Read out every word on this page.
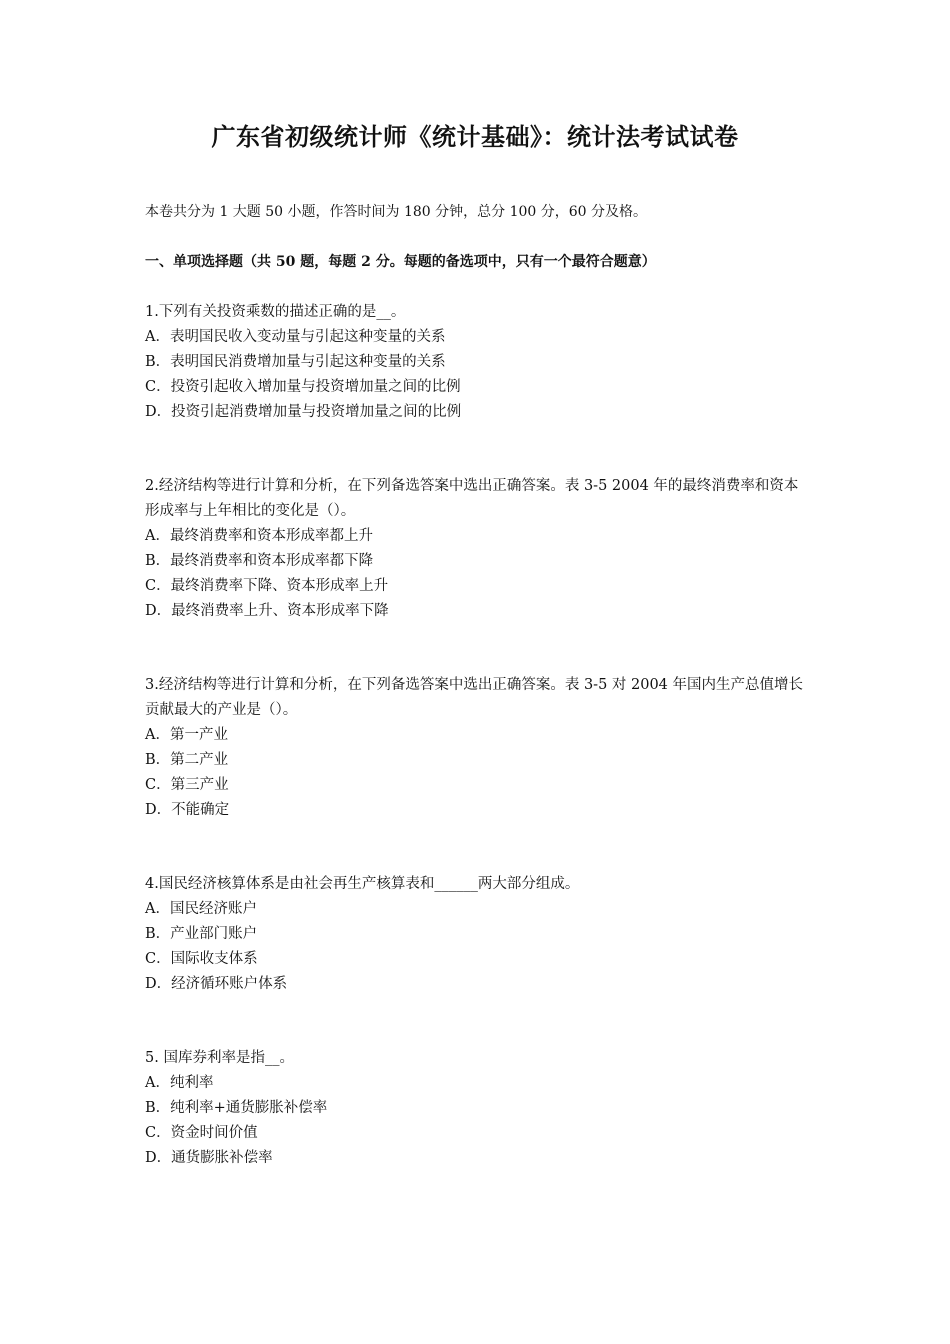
广东省初级统计师《统计基础》：统计法考试试卷
本卷共分为 1 大题 50 小题，作答时间为 180 分钟，总分 100 分，60 分及格。
一、单项选择题（共 50 题，每题 2 分。每题的备选项中，只有一个最符合题意）
1.下列有关投资乘数的描述正确的是__。
A．表明国民收入变动量与引起这种变量的关系
B．表明国民消费增加量与引起这种变量的关系
C．投资引起收入增加量与投资增加量之间的比例
D．投资引起消费增加量与投资增加量之间的比例
2.经济结构等进行计算和分析，在下列备选答案中选出正确答案。表 3-5 2004 年的最终消费率和资本形成率与上年相比的变化是（）。
A．最终消费率和资本形成率都上升
B．最终消费率和资本形成率都下降
C．最终消费率下降、资本形成率上升
D．最终消费率上升、资本形成率下降
3.经济结构等进行计算和分析，在下列备选答案中选出正确答案。表 3-5 对 2004 年国内生产总值增长贡献最大的产业是（）。
A．第一产业
B．第二产业
C．第三产业
D．不能确定
4.国民经济核算体系是由社会再生产核算表和______两大部分组成。
A．国民经济账户
B．产业部门账户
C．国际收支体系
D．经济循环账户体系
5. 国库券利率是指__。
A．纯利率
B．纯利率+通货膨胀补偿率
C．资金时间价值
D．通货膨胀补偿率
